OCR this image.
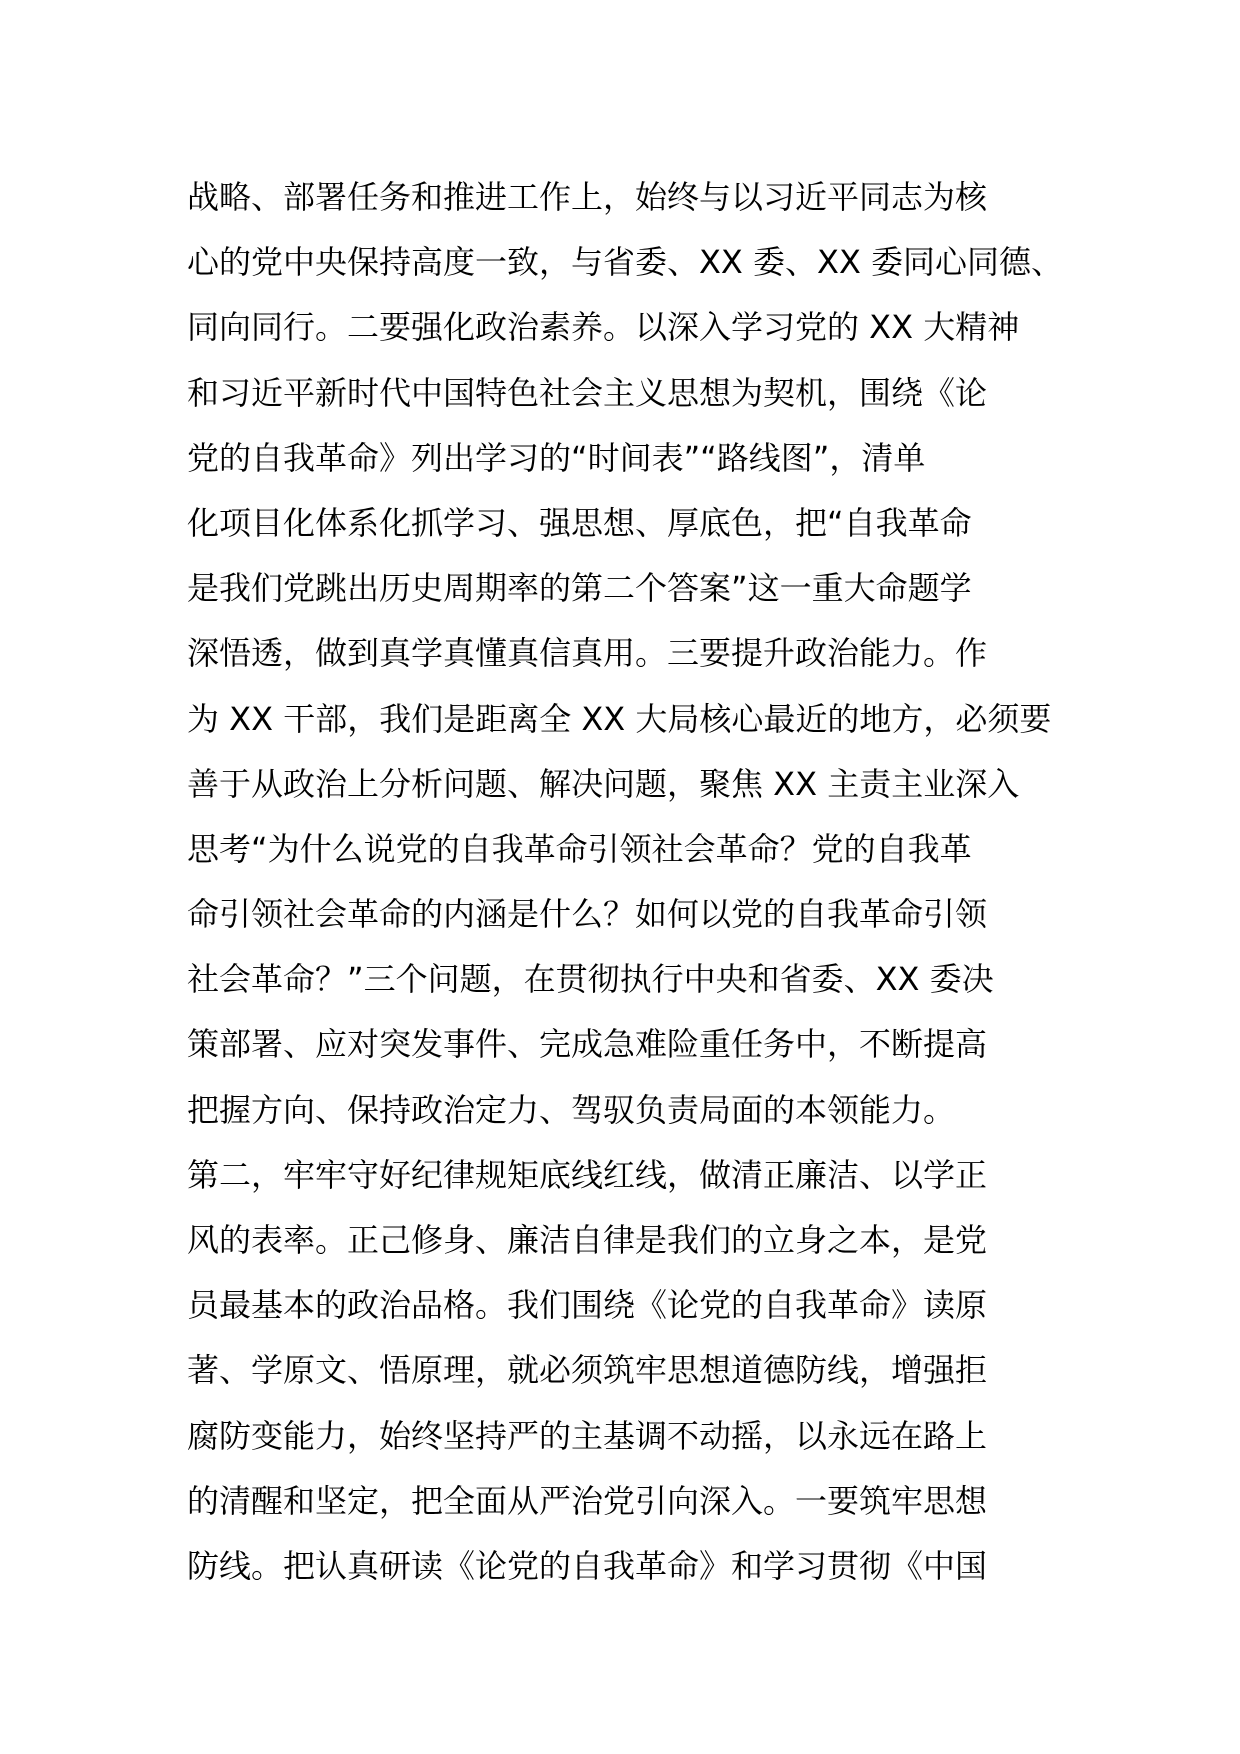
战略、部署任务和推进工作上，始终与以习近平同志为核
心的党中央保持高度一致，与省委、XX 委、XX 委同心同德、
同向同行。二要强化政治素养。以深入学习党的 XX 大精神
和习近平新时代中国特色社会主义思想为契机，围绕《论
党的自我革命》列出学习的“时间表”“路线图”，清单
化项目化体系化抓学习、强思想、厚底色，把“自我革命
是我们党跳出历史周期率的第二个答案”这一重大命题学
深悟透，做到真学真懂真信真用。三要提升政治能力。作
为 XX 干部，我们是距离全 XX 大局核心最近的地方，必须要
善于从政治上分析问题、解决问题，聚焦 XX 主责主业深入
思考“为什么说党的自我革命引领社会革命？党的自我革
命引领社会革命的内涵是什么？如何以党的自我革命引领
社会革命？”三个问题，在贯彻执行中央和省委、XX 委决
策部署、应对突发事件、完成急难险重任务中，不断提高
把握方向、保持政治定力、驾驭负责局面的本领能力。
第二，牢牢守好纪律规矩底线红线，做清正廉洁、以学正
风的表率。正己修身、廉洁自律是我们的立身之本，是党
员最基本的政治品格。我们围绕《论党的自我革命》读原
著、学原文、悟原理，就必须筑牢思想道德防线，增强拒
腐防变能力，始终坚持严的主基调不动摇，以永远在路上
的清醒和坚定，把全面从严治党引向深入。一要筑牢思想
防线。把认真研读《论党的自我革命》和学习贯彻《中国
